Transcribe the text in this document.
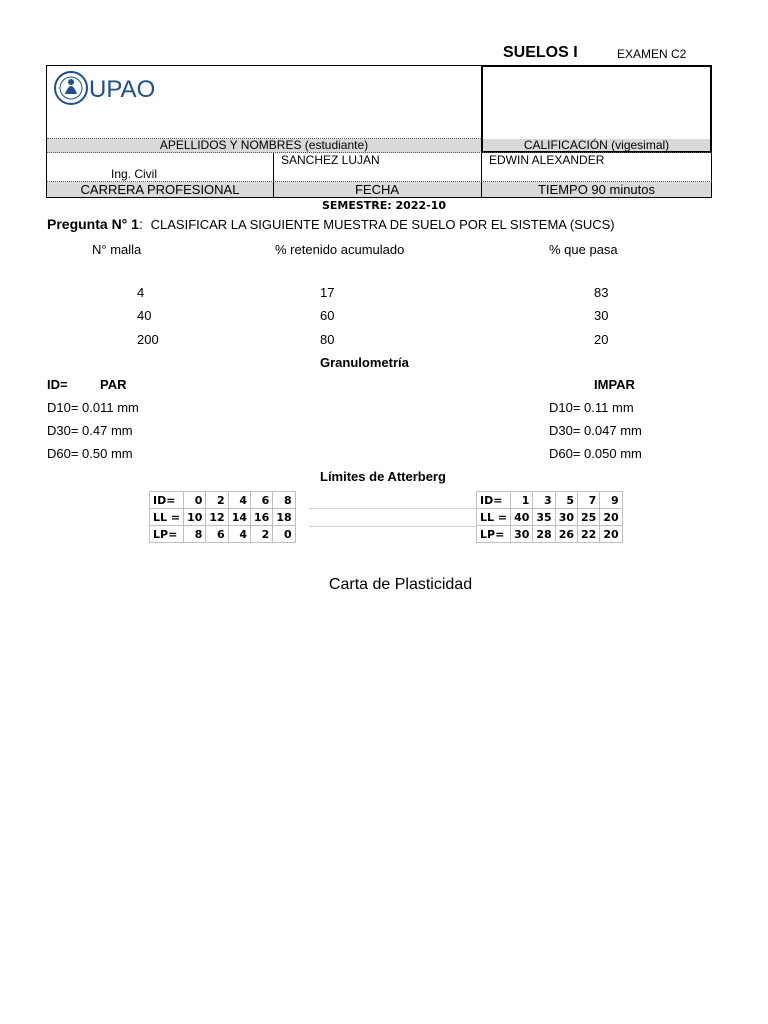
SUELOS I	EXAMEN C2
UPAO
APELLIDOS Y NOMBRES (estudiante)	CALIFICACIÓN (vigesimal)
Ing. Civil
SANCHEZ LUJAN	EDWIN ALEXANDER
CARRERA PROFESIONAL	FECHA	TIEMPO 90 minutos
SEMESTRE: 2022-10
Pregunta N° 1: CLASIFICAR LA SIGUIENTE MUESTRA DE SUELO POR EL SISTEMA (SUCS)
N° malla	% retenido acumulado	% que pasa
4	17	83
40	60	30
200	80	20
Granulometría
ID= PAR	IMPAR
D10= 0.011 mm
D30= 0.47 mm
D60= 0.50 mm
D10= 0.11 mm
D30= 0.047 mm
D60= 0.050 mm
Límites de Atterberg
ID=	0	2	4	6	8
LL =	10	12	14	16	18
LP=	8	6	4	2	0
ID=	1	3	5	7	9
LL =	40	35	30	25	20
LP=	30	28	26	22	20
Carta de Plasticidad
